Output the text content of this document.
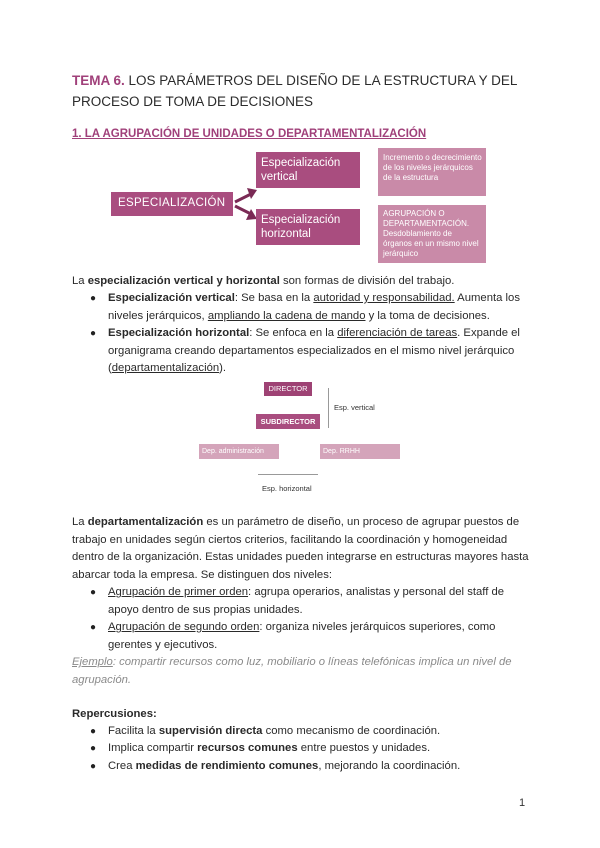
TEMA 6. LOS PARÁMETROS DEL DISEÑO DE LA ESTRUCTURA Y DEL PROCESO DE TOMA DE DECISIONES
1. LA AGRUPACIÓN DE UNIDADES O DEPARTAMENTALIZACIÓN
ESPECIALIZACIÓN
Especialización vertical
Especialización horizontal
Incremento o decrecimiento de los niveles jerárquicos de la estructura
AGRUPACIÓN O DEPARTAMENTACIÓN. Desdoblamiento de órganos en un mismo nivel jerárquico
La especialización vertical y horizontal son formas de división del trabajo.
● Especialización vertical: Se basa en la autoridad y responsabilidad. Aumenta los niveles jerárquicos, ampliando la cadena de mando y la toma de decisiones.
● Especialización horizontal: Se enfoca en la diferenciación de tareas. Expande el organigrama creando departamentos especializados en el mismo nivel jerárquico (departamentalización).
DIRECTOR
Esp. vertical
SUBDIRECTOR
Dep. administración	Dep. RRHH
Esp. horizontal
La departamentalización es un parámetro de diseño, un proceso de agrupar puestos de trabajo en unidades según ciertos criterios, facilitando la coordinación y homogeneidad dentro de la organización. Estas unidades pueden integrarse en estructuras mayores hasta abarcar toda la empresa. Se distinguen dos niveles:
● Agrupación de primer orden: agrupa operarios, analistas y personal del staff de apoyo dentro de sus propias unidades.
● Agrupación de segundo orden: organiza niveles jerárquicos superiores, como gerentes y ejecutivos.
Ejemplo: compartir recursos como luz, mobiliario o líneas telefónicas implica un nivel de agrupación.
Repercusiones:
● Facilita la supervisión directa como mecanismo de coordinación.
● Implica compartir recursos comunes entre puestos y unidades.
● Crea medidas de rendimiento comunes, mejorando la coordinación.
1
